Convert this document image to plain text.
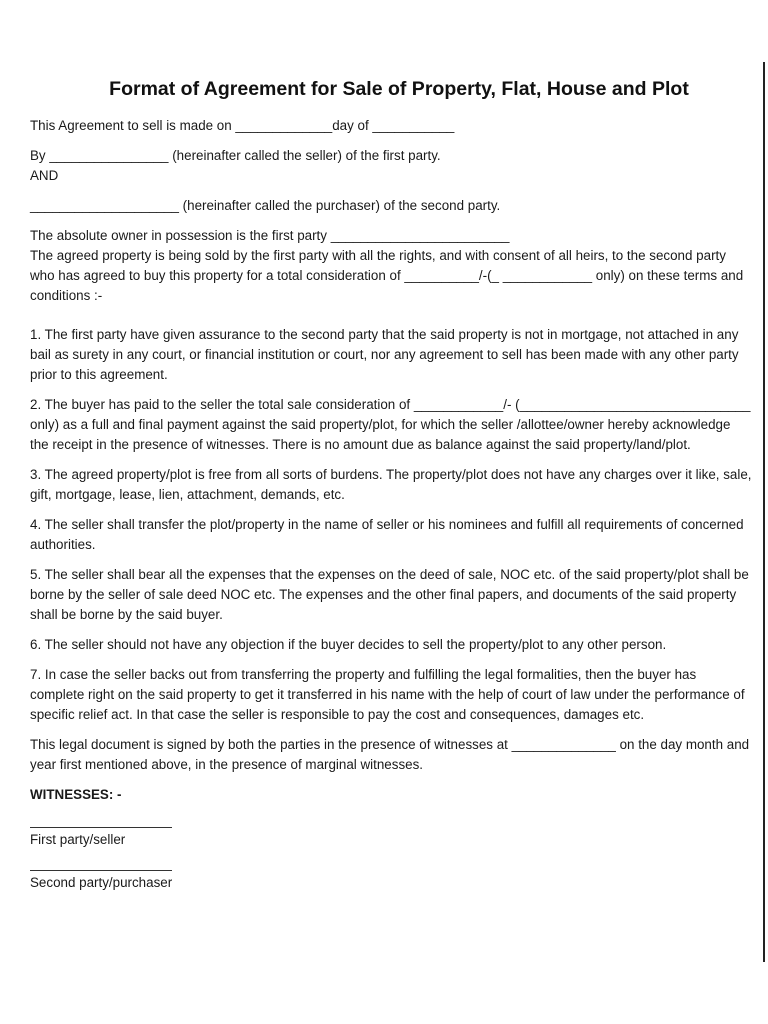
Format of Agreement for Sale of Property, Flat, House and Plot

This Agreement to sell is made on _____________day of ___________

By ________________ (hereinafter called the seller) of the first party.

AND

____________________ (hereinafter called the purchaser) of the second party.

The absolute owner in possession is the first party ________________________

The agreed property is being sold by the first party with all the rights, and with consent of all heirs, to the second party who has agreed to buy this property for a total consideration of __________/-(_ ____________ only) on these terms and conditions :-

1. The first party have given assurance to the second party that the said property is not in mortgage, not attached in any bail as surety in any court, or financial institution or court, nor any agreement to sell has been made with any other party prior to this agreement.

2. The buyer has paid to the seller the total sale consideration of ____________/- (_______________________________ only) as a full and final payment against the said property/plot, for which the seller /allottee/owner hereby acknowledge the receipt in the presence of witnesses. There is no amount due as balance against the said property/land/plot.

3. The agreed property/plot is free from all sorts of burdens. The property/plot does not have any charges over it like, sale, gift, mortgage, lease, lien, attachment, demands, etc.

4. The seller shall transfer the plot/property in the name of seller or his nominees and fulfill all requirements of concerned authorities.

5. The seller shall bear all the expenses that the expenses on the deed of sale, NOC etc. of the said property/plot shall be borne by the seller of sale deed NOC etc. The expenses and the other final papers, and documents of the said property shall be borne by the said buyer.

6. The seller should not have any objection if the buyer decides to sell the property/plot to any other person.

7. In case the seller backs out from transferring the property and fulfilling the legal formalities, then the buyer has complete right on the said property to get it transferred in his name with the help of court of law under the performance of specific relief act. In that case the seller is responsible to pay the cost and consequences, damages etc.

This legal document is signed by both the parties in the presence of witnesses at ______________ on the day month and year first mentioned above, in the presence of marginal witnesses.

WITNESSES: -

First party/seller

Second party/purchaser
